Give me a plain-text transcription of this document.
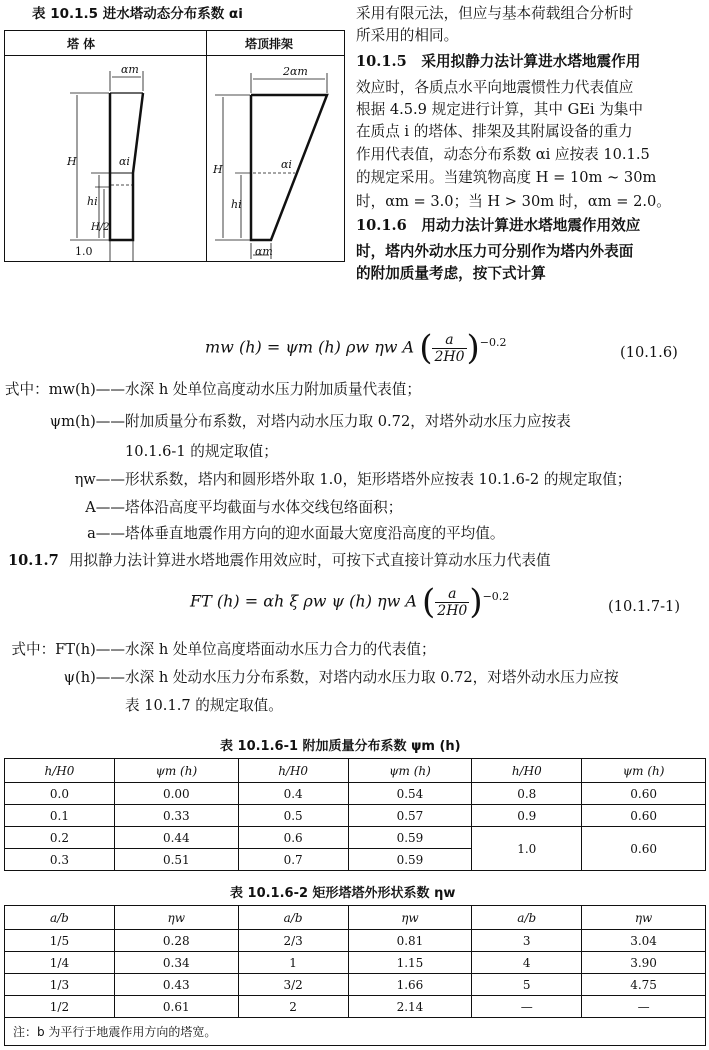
表 10.1.5 进水塔动态分布系数 αi
塔 体	塔顶排架
αm
αi
H
hi
H/2
1.0
2αm
αi
H
hi
αm
采用有限元法，但应与基本荷载组合分析时
所采用的相同。
10.1.5  采用拟静力法计算进水塔地震作用
效应时，各质点水平向地震惯性力代表值应
根据 4.5.9 规定进行计算，其中 GEi 为集中
在质点 i 的塔体、排架及其附属设备的重力
作用代表值，动态分布系数 αi 应按表 10.1.5
的规定采用。当建筑物高度 H = 10m ~ 30m
时，αm = 3.0；当 H > 30m 时，αm = 2.0。
10.1.6  用动力法计算进水塔地震作用效应
时，塔内外动水压力可分别作为塔内外表面
的附加质量考虑，按下式计算
mw (h) = ψm (h) ρw ηw A ( $\frac{a}{2H0} )^{-0.2}$
(10.1.6)
式中：mw(h)——水深 h 处单位高度动水压力附加质量代表值；
ψm(h)——附加质量分布系数，对塔内动水压力取 0.72，对塔外动水压力应按表
10.1.6-1 的规定取值；
ηw——形状系数，塔内和圆形塔外取 1.0，矩形塔塔外应按表 10.1.6-2 的规定取值；
A——塔体沿高度平均截面与水体交线包络面积；
a——塔体垂直地震作用方向的迎水面最大宽度沿高度的平均值。
10.1.7 用拟静力法计算进水塔地震作用效应时，可按下式直接计算动水压力代表值
FT (h) = αh ξ ρw ψ (h) ηw A ( $\frac{a}{2H0} )^{-0.2}$
(10.1.7-1)
式中：FT(h)——水深 h 处单位高度塔面动水压力合力的代表值；
ψ(h)——水深 h 处动水压力分布系数，对塔内动水压力取 0.72，对塔外动水压力应按
表 10.1.7 的规定取值。
表 10.1.6-1 附加质量分布系数 ψm (h)
h/H0	ψm (h)	h/H0	ψm (h)	h/H0	ψm (h)
0.0	0.00	0.4	0.54	0.8	0.60
0.1	0.33	0.5	0.57	0.9	0.60
0.2	0.44	0.6	0.59	1.0	0.60
0.3	0.51	0.7	0.59		
表 10.1.6-2 矩形塔塔外形状系数 ηw
a/b	ηw	a/b	ηw	a/b	ηw
1/5	0.28	2/3	0.81	3	3.04
1/4	0.34	1	1.15	4	3.90
1/3	0.43	3/2	1.66	5	4.75
1/2	0.61	2	2.14	—	—
注：b 为平行于地震作用方向的塔宽。					
